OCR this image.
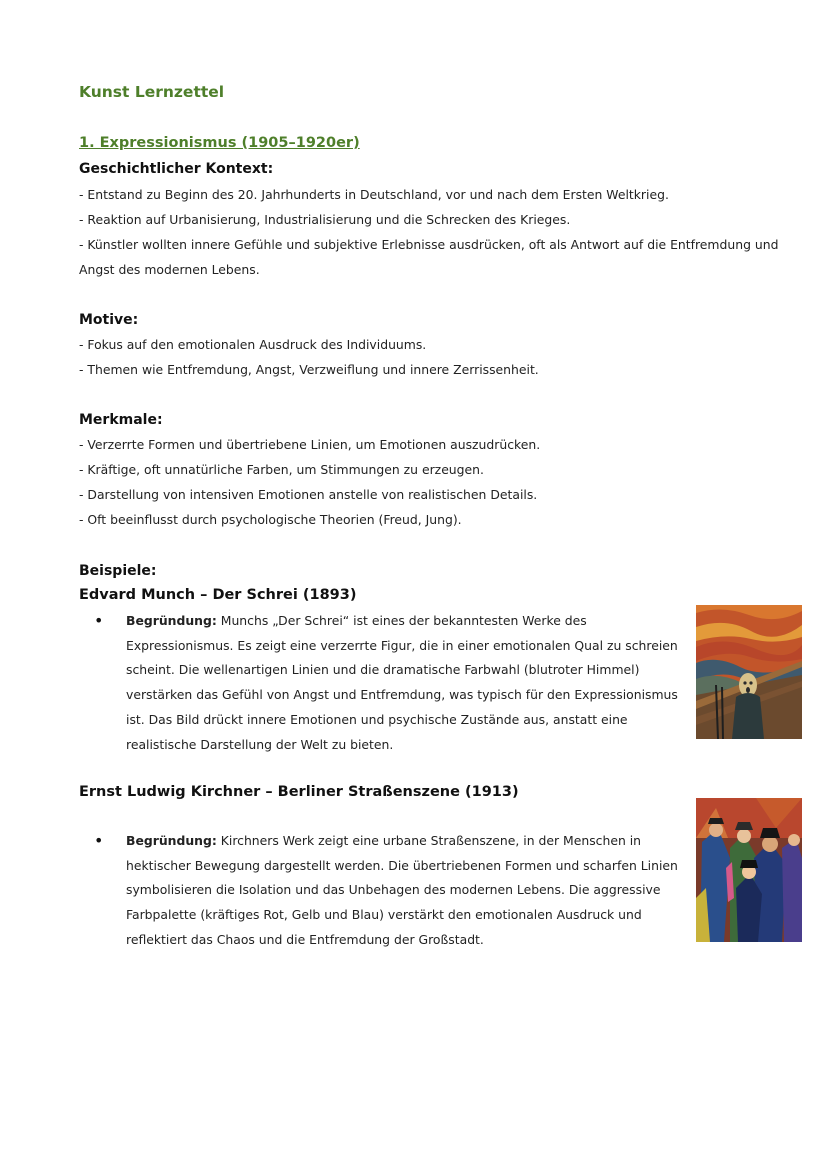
Kunst Lernzettel
1. Expressionismus (1905–1920er)
Geschichtlicher Kontext:
- Entstand zu Beginn des 20. Jahrhunderts in Deutschland, vor und nach dem Ersten Weltkrieg.
- Reaktion auf Urbanisierung, Industrialisierung und die Schrecken des Krieges.
- Künstler wollten innere Gefühle und subjektive Erlebnisse ausdrücken, oft als Antwort auf die Entfremdung und
Angst des modernen Lebens.
Motive:
- Fokus auf den emotionalen Ausdruck des Individuums.
- Themen wie Entfremdung, Angst, Verzweiflung und innere Zerrissenheit.
Merkmale:
- Verzerrte Formen und übertriebene Linien, um Emotionen auszudrücken.
- Kräftige, oft unnatürliche Farben, um Stimmungen zu erzeugen.
- Darstellung von intensiven Emotionen anstelle von realistischen Details.
- Oft beeinflusst durch psychologische Theorien (Freud, Jung).
Beispiele:
Edvard Munch – Der Schrei (1893)
• Begründung: Munchs „Der Schrei“ ist eines der bekanntesten Werke des Expressionismus. Es zeigt eine verzerrte Figur, die in einer emotionalen Qual zu schreien scheint. Die wellenartigen Linien und die dramatische Farbwahl (blutroter Himmel) verstärken das Gefühl von Angst und Entfremdung, was typisch für den Expressionismus ist. Das Bild drückt innere Emotionen und psychische Zustände aus, anstatt eine realistische Darstellung der Welt zu bieten.
Ernst Ludwig Kirchner – Berliner Straßenszene (1913)
• Begründung: Kirchners Werk zeigt eine urbane Straßenszene, in der Menschen in hektischer Bewegung dargestellt werden. Die übertriebenen Formen und scharfen Linien symbolisieren die Isolation und das Unbehagen des modernen Lebens. Die aggressive Farbpalette (kräftiges Rot, Gelb und Blau) verstärkt den emotionalen Ausdruck und reflektiert das Chaos und die Entfremdung der Großstadt.
